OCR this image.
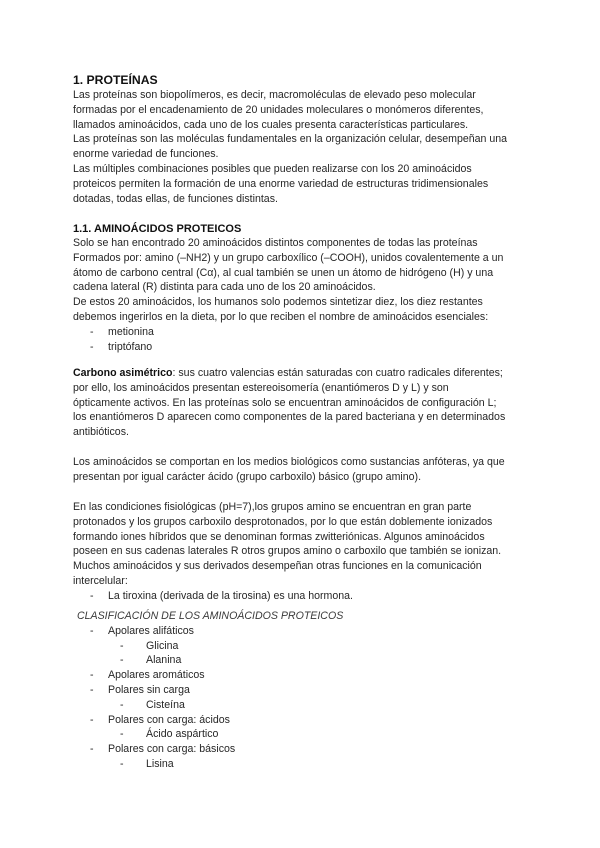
1. PROTEÍNAS

Las proteínas son biopolímeros, es decir, macromoléculas de elevado peso molecular

formadas por el encadenamiento de 20 unidades moleculares o monómeros diferentes,

llamados aminoácidos, cada uno de los cuales presenta características particulares.

Las proteínas son las moléculas fundamentales en la organización celular, desempeñan una

enorme variedad de funciones.

Las múltiples combinaciones posibles que pueden realizarse con los 20 aminoácidos

proteicos permiten la formación de una enorme variedad de estructuras tridimensionales

dotadas, todas ellas, de funciones distintas.

1.1. AMINOÁCIDOS PROTEICOS

Solo se han encontrado 20 aminoácidos distintos componentes de todas las proteínas

Formados por: amino (–NH2) y un grupo carboxílico (–COOH), unidos covalentemente a un

átomo de carbono central (Cα), al cual también se unen un átomo de hidrógeno (H) y una

cadena lateral (R) distinta para cada uno de los 20 aminoácidos.

De estos 20 aminoácidos, los humanos solo podemos sintetizar diez, los diez restantes

debemos ingerirlos en la dieta, por lo que reciben el nombre de aminoácidos esenciales:

- metionina
- triptófano

Carbono asimétrico: sus cuatro valencias están saturadas con cuatro radicales diferentes;

por ello, los aminoácidos presentan estereoisomería (enantiómeros D y L) y son

ópticamente activos. En las proteínas solo se encuentran aminoácidos de configuración L;

los enantiómeros D aparecen como componentes de la pared bacteriana y en determinados

antibióticos.

Los aminoácidos se comportan en los medios biológicos como sustancias anfóteras, ya que

presentan por igual carácter ácido (grupo carboxilo) básico (grupo amino).

En las condiciones fisiológicas (pH=7),los grupos amino se encuentran en gran parte

protonados y los grupos carboxilo desprotonados, por lo que están doblemente ionizados

formando iones híbridos que se denominan formas zwitteriónicas. Algunos aminoácidos

poseen en sus cadenas laterales R otros grupos amino o carboxilo que también se ionizan.

Muchos aminoácidos y sus derivados desempeñan otras funciones en la comunicación

intercelular:

- La tiroxina (derivada de la tirosina) es una hormona.

CLASIFICACIÓN DE LOS AMINOÁCIDOS PROTEICOS

- Apolares alifáticos
- Glicina
- Alanina
- Apolares aromáticos
- Polares sin carga
- Cisteína
- Polares con carga: ácidos
- Ácido aspártico
- Polares con carga: básicos
- Lisina
